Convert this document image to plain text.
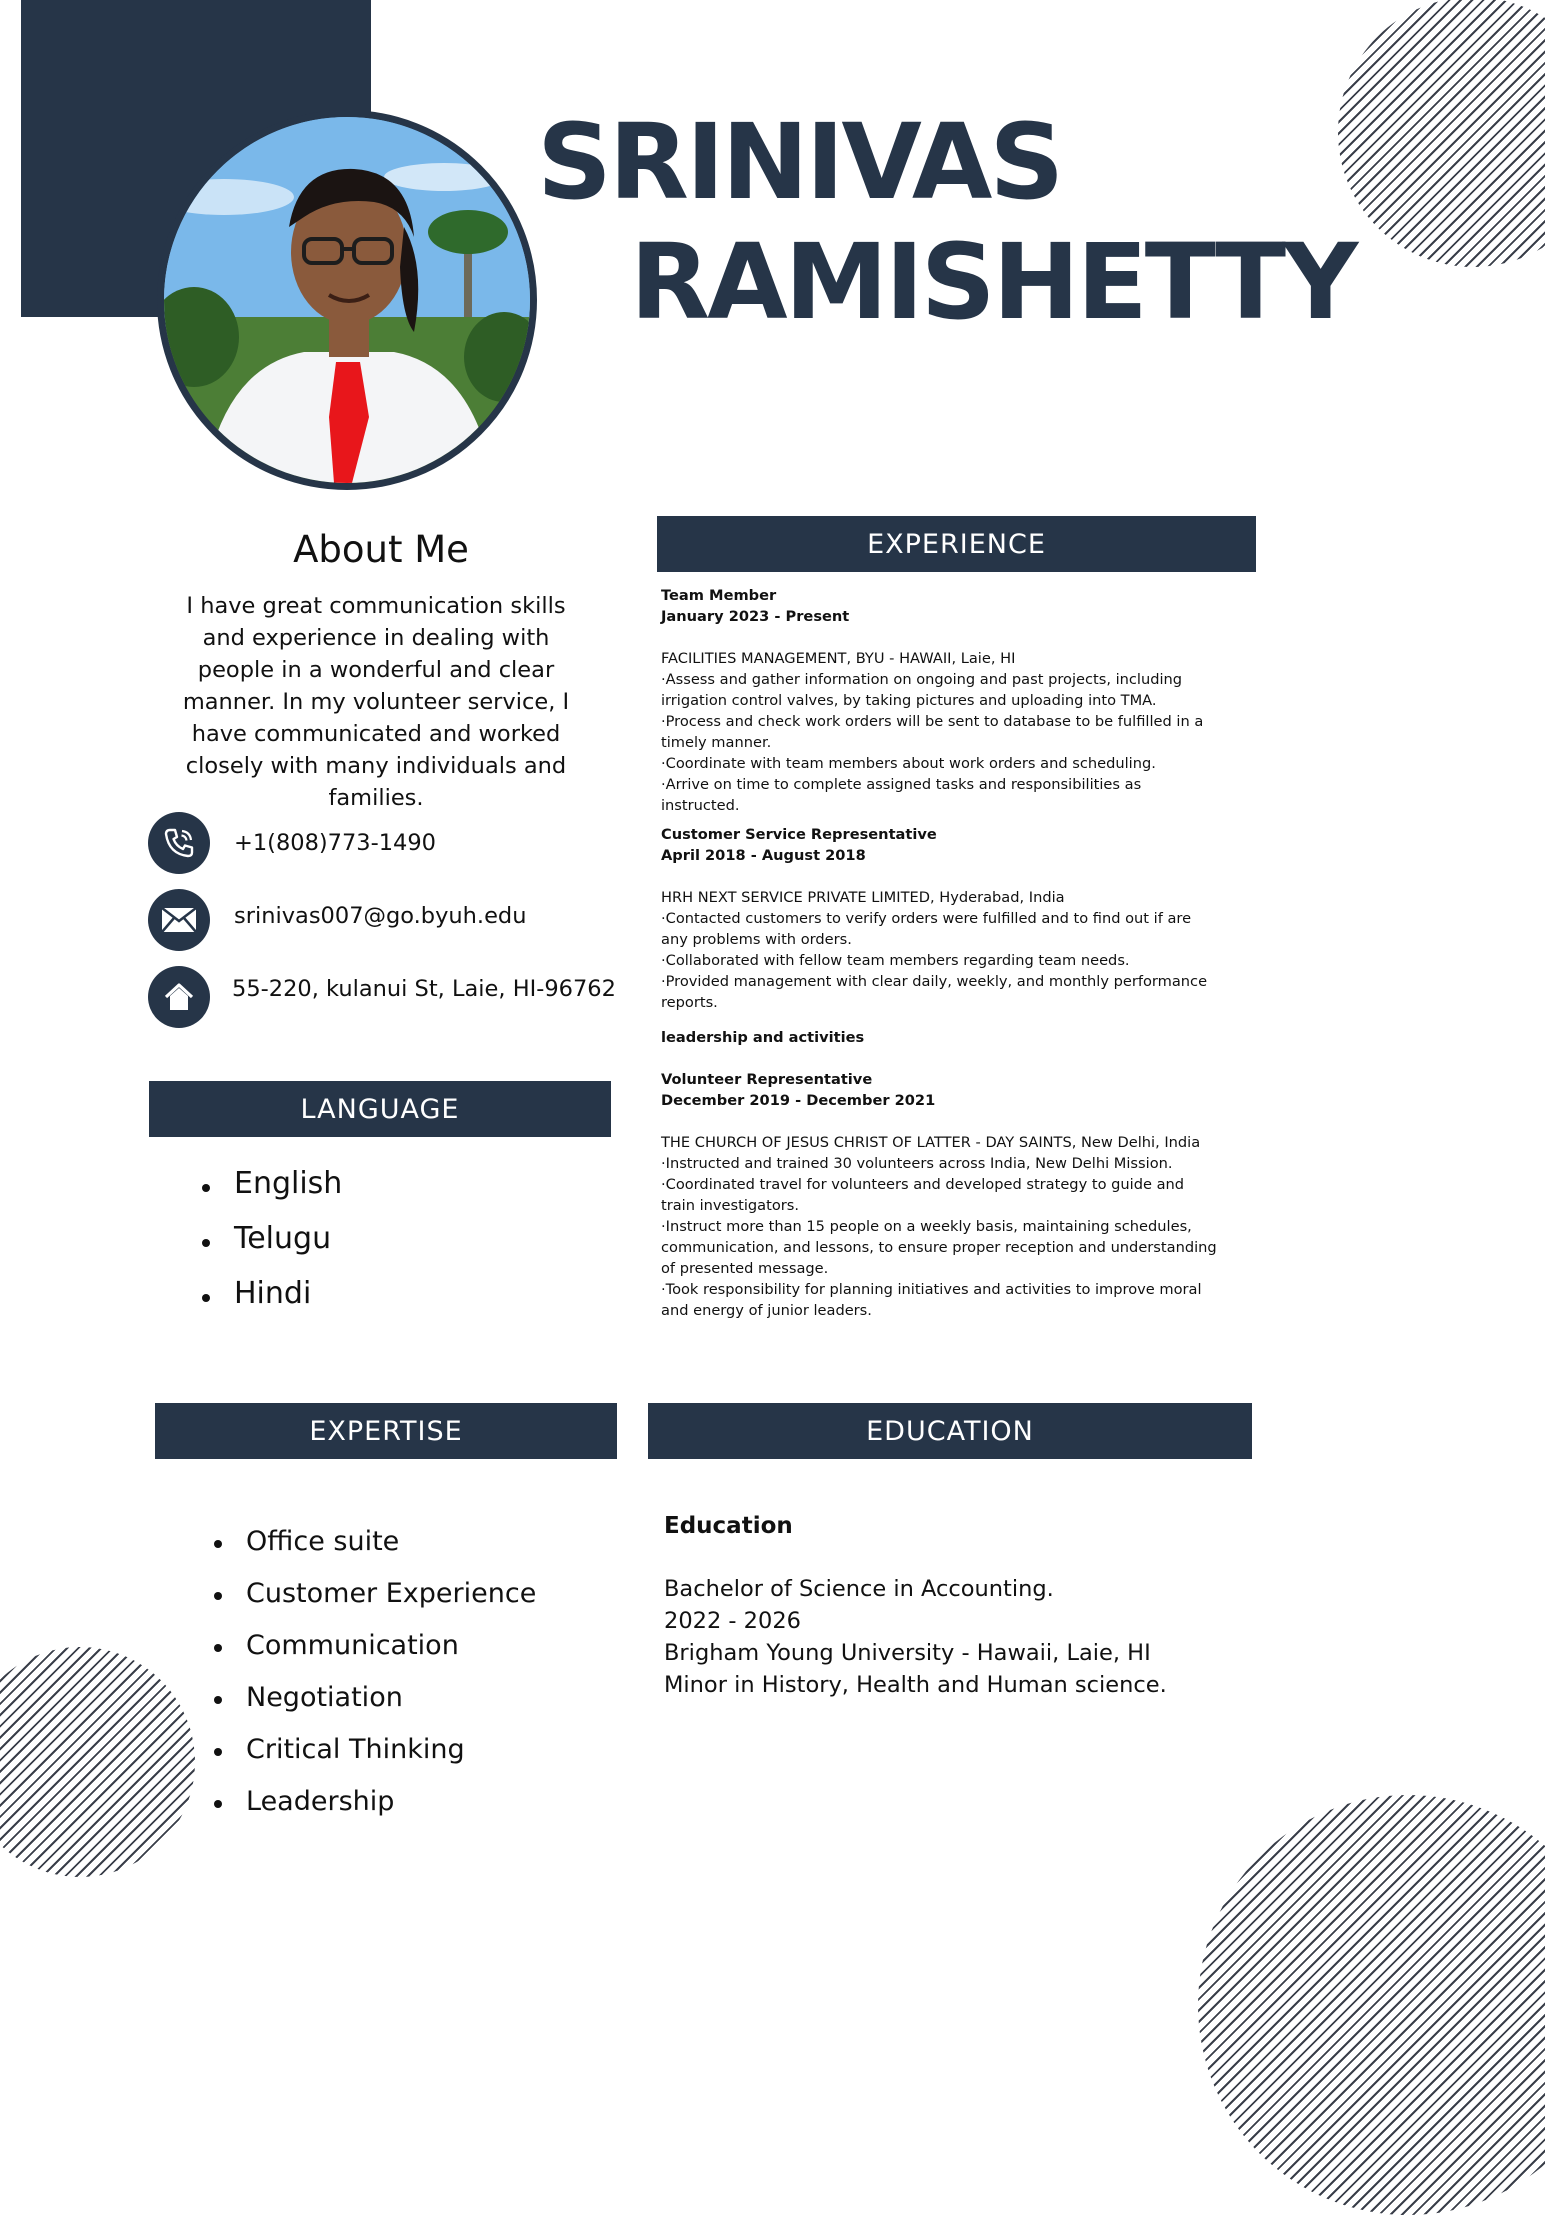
SRINIVAS
RAMISHETTY
About Me
I have great communication skills and experience in dealing with people in a wonderful and clear manner. In my volunteer service, I have communicated and worked closely with many individuals and families.
+1(808)773-1490
srinivas007@go.byuh.edu
55-220, kulanui St, Laie, HI-96762
LANGUAGE
English
Telugu
Hindi
EXPERTISE
Office suite
Customer Experience
Communication
Negotiation
Critical Thinking
Leadership
EXPERIENCE
Team Member
January 2023 - Present
FACILITIES MANAGEMENT, BYU - HAWAII, Laie, HI
·Assess and gather information on ongoing and past projects, including irrigation control valves, by taking pictures and uploading into TMA.
·Process and check work orders will be sent to database to be fulfilled in a timely manner.
·Coordinate with team members about work orders and scheduling.
·Arrive on time to complete assigned tasks and responsibilities as instructed.
Customer Service Representative
April 2018 - August 2018
HRH NEXT SERVICE PRIVATE LIMITED, Hyderabad, India
·Contacted customers to verify orders were fulfilled and to find out if are any problems with orders.
·Collaborated with fellow team members regarding team needs.
·Provided management with clear daily, weekly, and monthly performance reports.
leadership and activities
Volunteer Representative
December 2019 - December 2021
THE CHURCH OF JESUS CHRIST OF LATTER - DAY SAINTS, New Delhi, India
·Instructed and trained 30 volunteers across India, New Delhi Mission.
·Coordinated travel for volunteers and developed strategy to guide and train investigators.
·Instruct more than 15 people on a weekly basis, maintaining schedules, communication, and lessons, to ensure proper reception and understanding of presented message.
·Took responsibility for planning initiatives and activities to improve moral and energy of junior leaders.
EDUCATION
Education
Bachelor of Science in Accounting.
2022 - 2026
Brigham Young University - Hawaii, Laie, HI
Minor in History, Health and Human science.
